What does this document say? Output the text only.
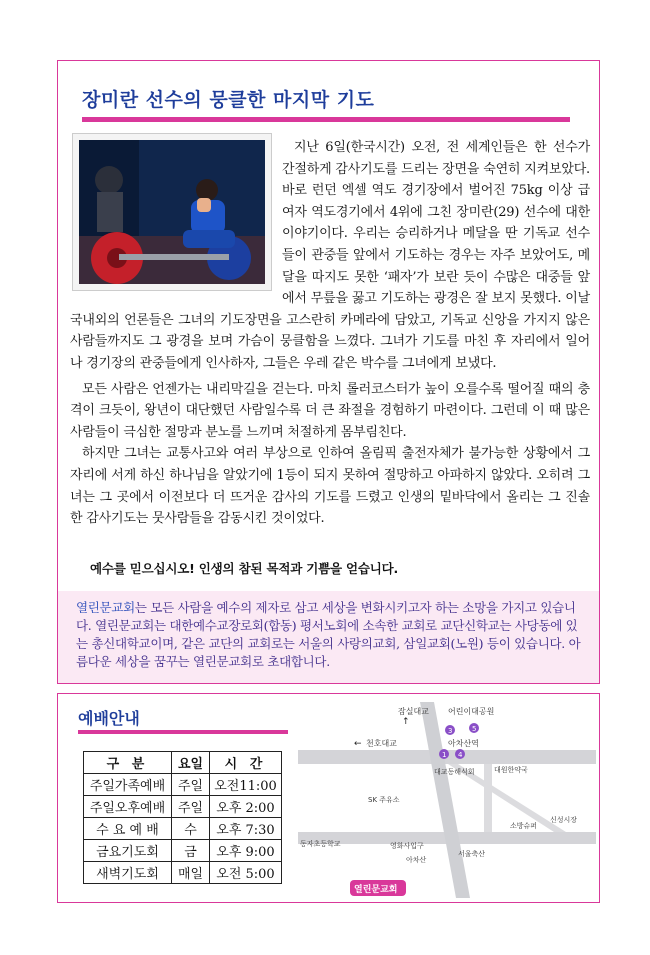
장미란 선수의 뭉클한 마지막 기도

지난 6일(한국시간) 오전, 전 세계인들은 한 선수가 간절하게 감사기도를 드리는 장면을 숙연히 지켜보았다. 바로 런던 엑셀 역도 경기장에서 벌어진 75kg 이상 급 여자 역도경기에서 4위에 그친 장미란(29) 선수에 대한 이야기이다. 우리는 승리하거나 메달을 딴 기독교 선수들이 관중들 앞에서 기도하는 경우는 자주 보았어도, 메달을 따지도 못한 ‘패자’가 보란 듯이 수많은 대중들 앞에서 무릎을 꿇고 기도하는 광경은 잘 보지 못했다. 이날 국내외의 언론들은 그녀의 기도장면을 고스란히 카메라에 담았고, 기독교 신앙을 가지지 않은 사람들까지도 그 광경을 보며 가슴이 뭉클함을 느꼈다. 그녀가 기도를 마친 후 자리에서 일어나 경기장의 관중들에게 인사하자, 그들은 우레 같은 박수를 그녀에게 보냈다.

모든 사람은 언젠가는 내리막길을 걷는다. 마치 롤러코스터가 높이 오를수록 떨어질 때의 충격이 크듯이, 왕년이 대단했던 사람일수록 더 큰 좌절을 경험하기 마련이다. 그런데 이 때 많은 사람들이 극심한 절망과 분노를 느끼며 처절하게 몸부림친다.

하지만 그녀는 교통사고와 여러 부상으로 인하여 올림픽 출전자체가 불가능한 상황에서 그 자리에 서게 하신 하나님을 알았기에 1등이 되지 못하여 절망하고 아파하지 않았다. 오히려 그녀는 그 곳에서 이전보다 더 뜨거운 감사의 기도를 드렸고 인생의 밑바닥에서 올리는 그 진솔한 감사기도는 뭇사람들을 감동시킨 것이었다.

예수를 믿으십시오! 인생의 참된 목적과 기쁨을 얻습니다.
열린문교회는 모든 사람을 예수의 제자로 삼고 세상을 변화시키고자 하는 소망을 가지고 있습니다. 열린문교회는 대한예수교장로회(합동) 평서노회에 소속한 교회로 교단신학교는 사당동에 있는 총신대학교이며, 같은 교단의 교회로는 서울의 사랑의교회, 삼일교회(노원) 등이 있습니다. 아름다운 세상을 꿈꾸는 열린문교회로 초대합니다.
예배안내
구 분	요일	시 간
주일가족예배	주일	오전11:00
주일오후예배	주일	오후 2:00
수 요 예 배	수	오후 7:30
금요기도회	금	오후 9:00
새벽기도회	매일	오전 5:00
←
↑
잠실대교 어린이대공원
천호대교	아차산역
대교동해식회	대원한약국
SK 주유소
소방슈퍼
신성시장
동자초등학교	영화사입구
아차산
서울축산
3	5
1 4
열린문교회
